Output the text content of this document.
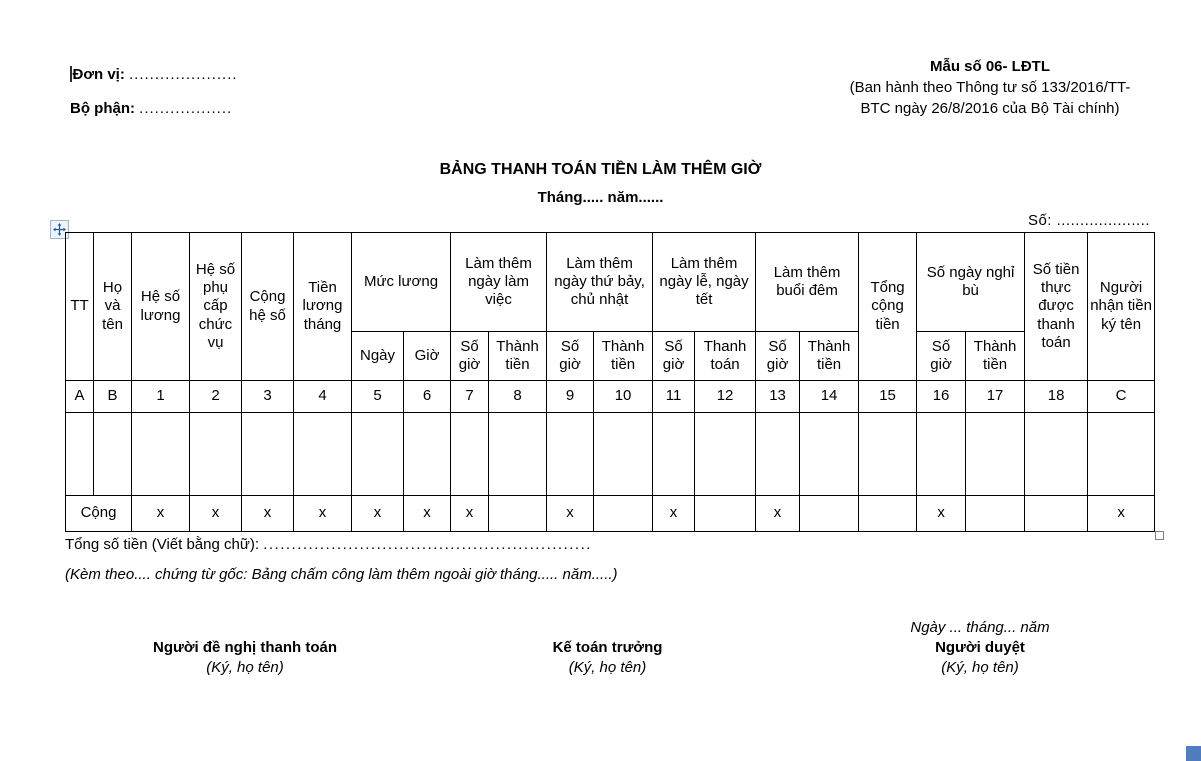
Đơn vị: .....................
Bộ phận: ..................
Mẫu số 06- LĐTL
(Ban hành theo Thông tư số 133/2016/TT-
BTC ngày 26/8/2016 của Bộ Tài chính)
BẢNG THANH TOÁN TIỀN LÀM THÊM GIỜ
Tháng..... năm......
Số: ....................
TT	Họ và tên	Hệ số lương	Hệ số phụ cấp chức vụ	Cộng hệ số	Tiền lương tháng	Mức lương		Làm thêm ngày làm việc		Làm thêm ngày thứ bảy, chủ nhật		Làm thêm ngày lễ, ngày tết		Làm thêm buổi đêm		Tổng cộng tiền	Số ngày nghỉ bù		Số tiền thực được thanh toán	Người nhận tiền ký tên
						Ngày	Giờ	Số giờ	Thành tiền	Số giờ	Thành tiền	Số giờ	Thanh toán	Số giờ	Thành tiền		Số giờ	Thành tiền		
A	B	1	2	3	4	5	6	7	8	9	10	11	12	13	14	15	16	17	18	C

Cộng		x	x	x	x	x	x	x		x		x		x			x			x
Tổng số tiền (Viết bằng chữ): ..........................................................
(Kèm theo.... chứng từ gốc: Bảng chấm công làm thêm ngoài giờ tháng..... năm.....)
Người đề nghị thanh toán
(Ký, họ tên)
Kế toán trưởng
(Ký, họ tên)
Ngày ... tháng... năm
Người duyệt
(Ký, họ tên)
